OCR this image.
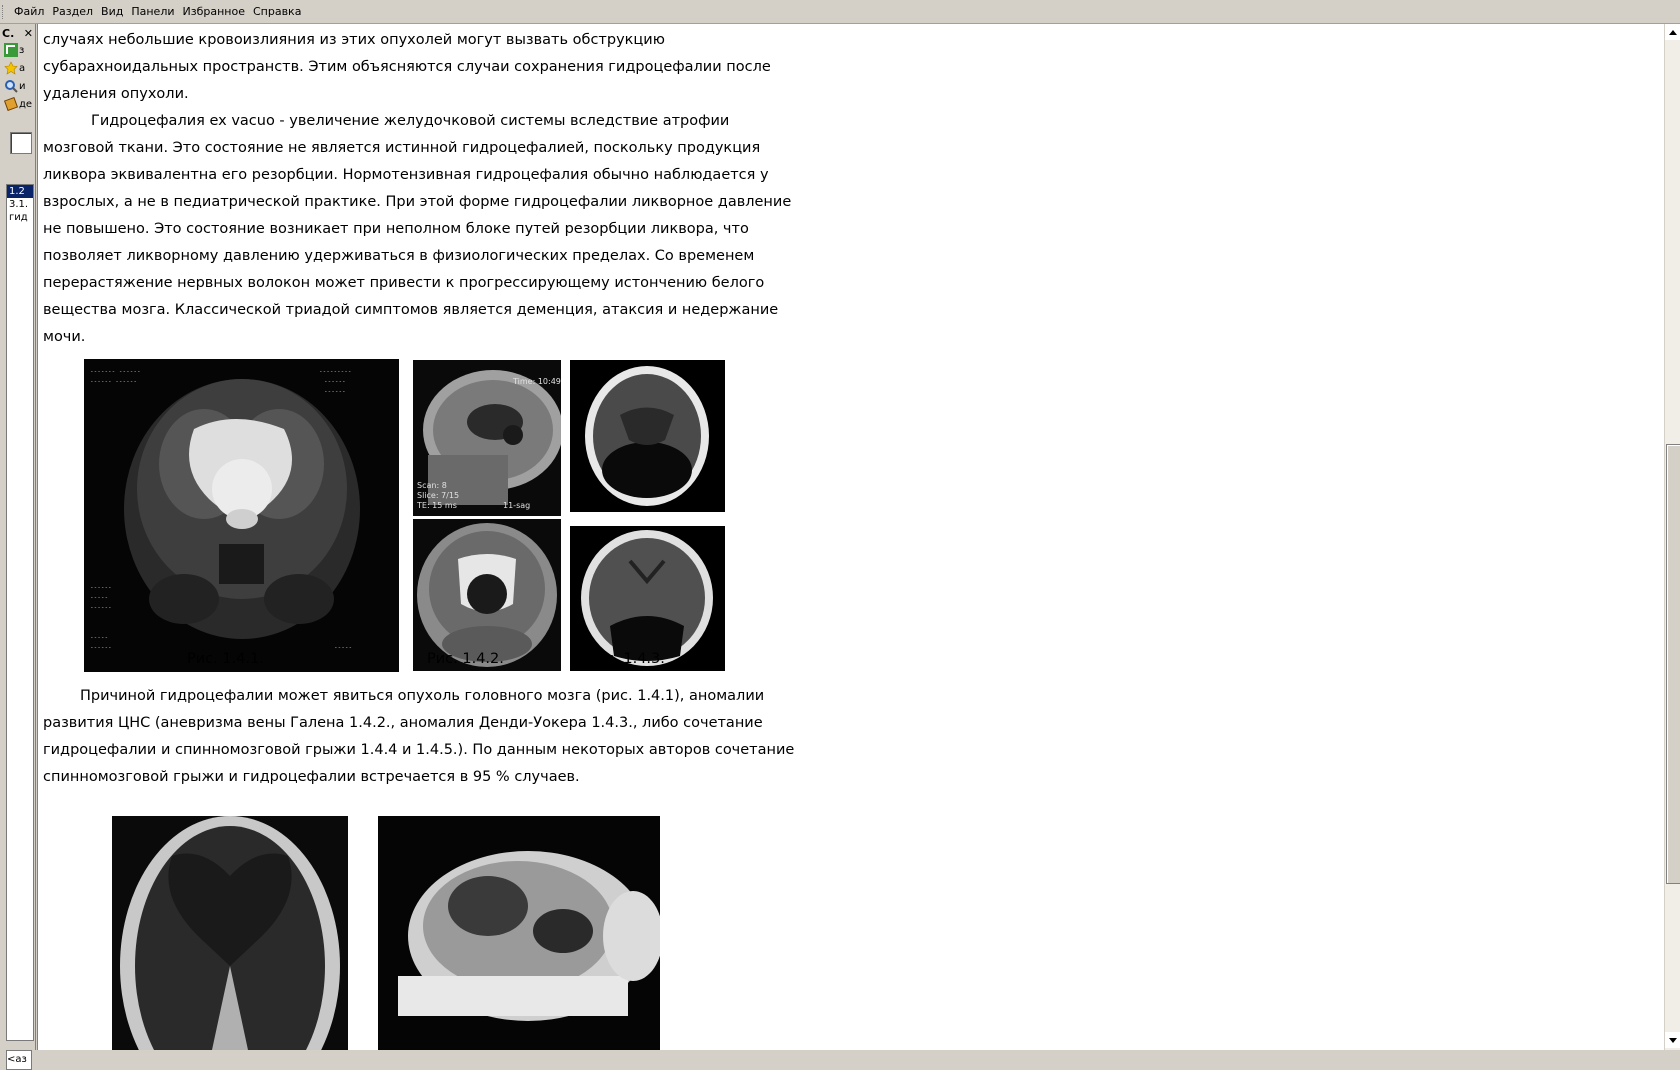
Файл Раздел Вид Панели Избранное Справка
С. ✕
з
а
и
де
1.2
3.1.
гид
<аз

случаях небольшие кровоизлияния из этих опухолей могут вызвать обструкцию субарахноидальных пространств. Этим объясняются случаи сохранения гидроцефалии после удаления опухоли.

Гидроцефалия ex vacuo - увеличение желудочковой системы вследствие атрофии мозговой ткани. Это состояние не является истинной гидроцефалией, поскольку продукция ликвора эквивалентна его резорбции. Нормотензивная гидроцефалия обычно наблюдается у взрослых, а не в педиатрической практике. При этой форме гидроцефалии ликворное давление не повышено. Это состояние возникает при неполном блоке путей резорбции ликвора, что позволяет ликворному давлению удерживаться в физиологических пределах. Со временем перерастяжение нервных волокон может привести к прогрессирующему истончению белого вещества мозга. Классической триадой симптомов является деменция, атаксия и недержание мочи.

------- ------
------ ------
---------
------
------
------
-----
------
-----
------	-----
Scan: 8
Slice: 7/15
TE: 15 ms
Time: 10:49
11-sag
Рис. 1.4.1.	Рис. 1.4.2.	Рис. 1.4.3.

Причиной гидроцефалии может явиться опухоль головного мозга (рис. 1.4.1), аномалии развития ЦНС (аневризма вены Галена 1.4.2., аномалия Денди-Уокера 1.4.3., либо сочетание гидроцефалии и спинномозговой грыжи 1.4.4 и 1.4.5.). По данным некоторых авторов сочетание спинномозговой грыжи и гидроцефалии встречается в 95 % случаев.
